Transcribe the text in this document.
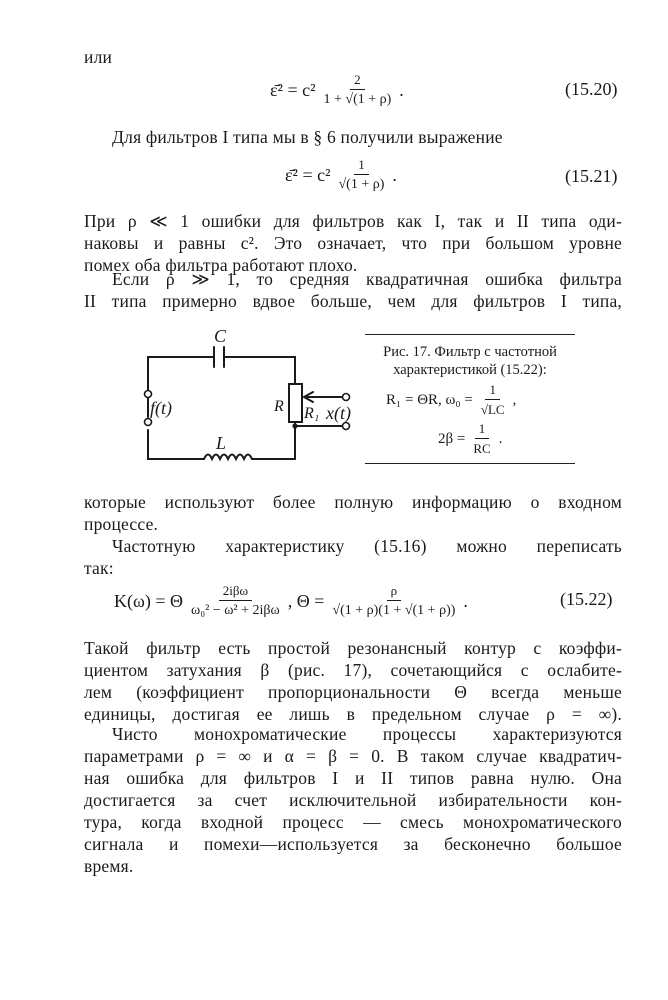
или
ε̄² = $c^2 \frac{2}{1 + √(1 + \rho)}$ .	(15.20)
Для фильтров I типа мы в § 6 получили выражение
ε̄² = $c^2 \frac{1}{√(1 + \rho)}$ .	(15.21)
При ρ ≪ 1 ошибки для фильтров как I, так и II типа оди-
наковы и равны c². Это означает, что при большом уровне
помех оба фильтра работают плохо.
Если ρ ≫ 1, то средняя квадратичная ошибка фильтра
II типа примерно вдвое больше, чем для фильтров I типа,
C
L
R R₁
f(t)	x(t)
Рис. 17. Фильтр с частотной
характеристикой (15.22):
R₁ = ΘR, $\omega_0 = \frac{1}{√LC}$ ,
$2\beta = \frac{1}{RC}$ .
которые используют более полную информацию о входном
процессе.
Частотную характеристику (15.16) можно переписать
так:
K(ω) = Θ $\frac{\text{2iβω}}{\text{ω₀² − ω² + 2iβω}}$ , $\Theta = \frac{\rho}{√(1 + \rho)(1 + √(1 + \rho))}$ .	(15.22)
Такой фильтр есть простой резонансный контур с коэффи-
циентом затухания β (рис. 17), сочетающийся с ослабите-
лем (коэффициент пропорциональности Θ всегда меньше
единицы, достигая ее лишь в предельном случае ρ = ∞).
Чисто монохроматические процессы характеризуются
параметрами ρ = ∞ и α = β = 0. В таком случае квадратич-
ная ошибка для фильтров I и II типов равна нулю. Она
достигается за счет исключительной избирательности кон-
тура, когда входной процесс — смесь монохроматического
сигнала и помехи—используется за бесконечно большое
время.
